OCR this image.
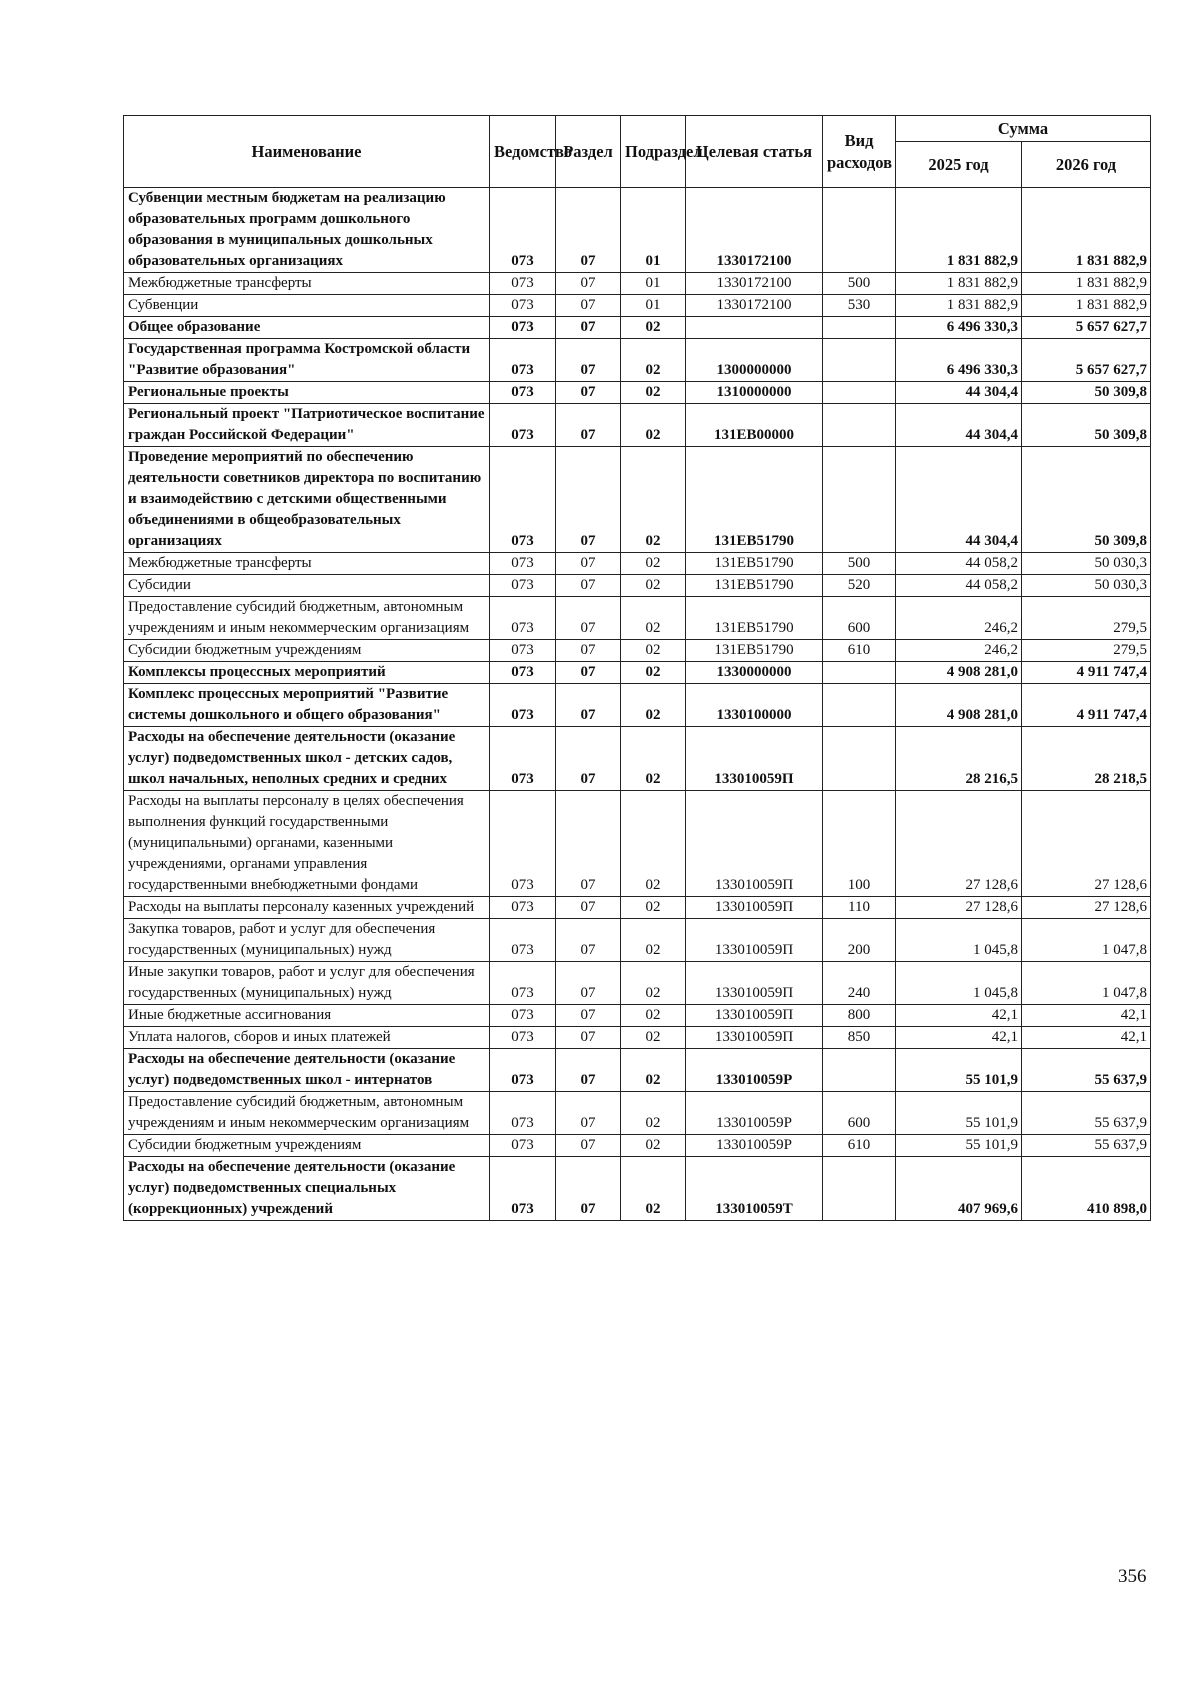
Наименование	Ведомство	Раздел	Подраздел	Целевая статья	Вид расходов	Сумма	
						2025 год	2026 год
Субвенции местным бюджетам на реализацию образовательных программ дошкольного образования в муниципальных дошкольных образовательных организациях	073	07	01	1330172100		1 831 882,9	1 831 882,9
Межбюджетные трансферты	073	07	01	1330172100	500	1 831 882,9	1 831 882,9
Субвенции	073	07	01	1330172100	530	1 831 882,9	1 831 882,9
Общее образование	073	07	02			6 496 330,3	5 657 627,7
Государственная программа Костромской области "Развитие образования"	073	07	02	1300000000		6 496 330,3	5 657 627,7
Региональные проекты	073	07	02	1310000000		44 304,4	50 309,8
Региональный проект "Патриотическое воспитание граждан Российской Федерации"	073	07	02	131EB00000		44 304,4	50 309,8
Проведение мероприятий по обеспечению деятельности советников директора по воспитанию и взаимодействию с детскими общественными объединениями в общеобразовательных организациях	073	07	02	131EB51790		44 304,4	50 309,8
Межбюджетные трансферты	073	07	02	131EB51790	500	44 058,2	50 030,3
Субсидии	073	07	02	131EB51790	520	44 058,2	50 030,3
Предоставление субсидий бюджетным, автономным учреждениям и иным некоммерческим организациям	073	07	02	131EB51790	600	246,2	279,5
Субсидии бюджетным учреждениям	073	07	02	131EB51790	610	246,2	279,5
Комплексы процессных мероприятий	073	07	02	1330000000		4 908 281,0	4 911 747,4
Комплекс процессных мероприятий "Развитие системы дошкольного и общего образования"	073	07	02	1330100000		4 908 281,0	4 911 747,4
Расходы на обеспечение деятельности (оказание услуг) подведомственных школ - детских садов, школ начальных, неполных средних и средних	073	07	02	133010059П		28 216,5	28 218,5
Расходы на выплаты персоналу в целях обеспечения выполнения функций государственными (муниципальными) органами, казенными учреждениями, органами управления государственными внебюджетными фондами	073	07	02	133010059П	100	27 128,6	27 128,6
Расходы на выплаты персоналу казенных учреждений	073	07	02	133010059П	110	27 128,6	27 128,6
Закупка товаров, работ и услуг для обеспечения государственных (муниципальных) нужд	073	07	02	133010059П	200	1 045,8	1 047,8
Иные закупки товаров, работ и услуг для обеспечения государственных (муниципальных) нужд	073	07	02	133010059П	240	1 045,8	1 047,8
Иные бюджетные ассигнования	073	07	02	133010059П	800	42,1	42,1
Уплата налогов, сборов и иных платежей	073	07	02	133010059П	850	42,1	42,1
Расходы на обеспечение деятельности (оказание услуг) подведомственных школ - интернатов	073	07	02	133010059Р		55 101,9	55 637,9
Предоставление субсидий бюджетным, автономным учреждениям и иным некоммерческим организациям	073	07	02	133010059Р	600	55 101,9	55 637,9
Субсидии бюджетным учреждениям	073	07	02	133010059Р	610	55 101,9	55 637,9
Расходы на обеспечение деятельности (оказание услуг) подведомственных специальных (коррекционных) учреждений	073	07	02	133010059Т		407 969,6	410 898,0
356
